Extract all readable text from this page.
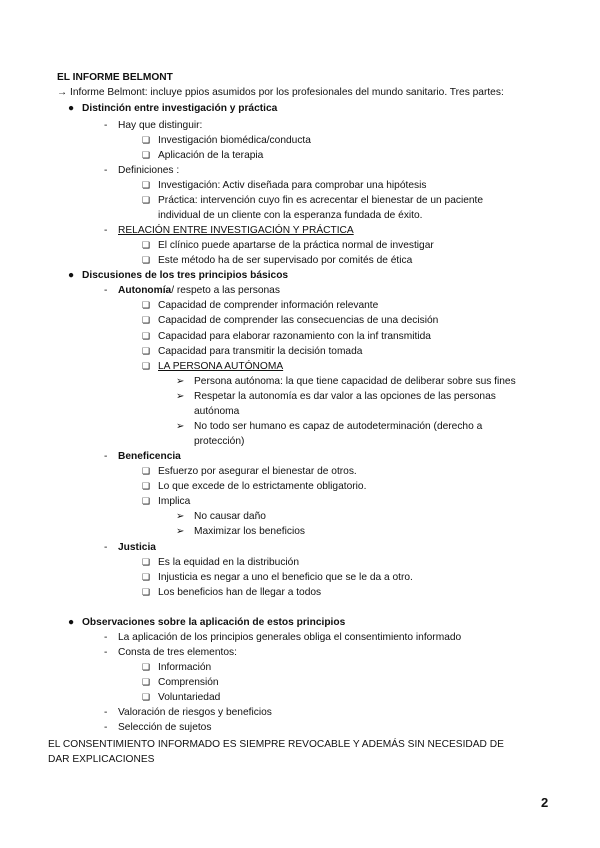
EL INFORME BELMONT
→ Informe Belmont: incluye ppios asumidos por los profesionales del mundo sanitario. Tres partes:
● Distinción entre investigación y práctica
- Hay que distinguir:
❏ Investigación biomédica/conducta
❏ Aplicación de la terapia
- Definiciones :
❏ Investigación: Activ diseñada para comprobar una hipótesis
❏ Práctica: intervención cuyo fin es acrecentar el bienestar de un paciente
individual de un cliente con la esperanza fundada de éxito.
- RELACIÓN ENTRE INVESTIGACIÓN Y PRÁCTICA
❏ El clínico puede apartarse de la práctica normal de investigar
❏ Este método ha de ser supervisado por comités de ética
● Discusiones de los tres principios básicos
- Autonomía/ respeto a las personas
❏ Capacidad de comprender información relevante
❏ Capacidad de comprender las consecuencias de una decisión
❏ Capacidad para elaborar razonamiento con la inf transmitida
❏ Capacidad para transmitir la decisión tomada
❏ LA PERSONA AUTÓNOMA
➢ Persona autónoma: la que tiene capacidad de deliberar sobre sus fines
➢ Respetar la autonomía es dar valor a las opciones de las personas
autónoma
➢ No todo ser humano es capaz de autodeterminación (derecho a
protección)
- Beneficencia
❏ Esfuerzo por asegurar el bienestar de otros.
❏ Lo que excede de lo estrictamente obligatorio.
❏ Implica
➢ No causar daño
➢ Maximizar los beneficios
- Justicia
❏ Es la equidad en la distribución
❏ Injusticia es negar a uno el beneficio que se le da a otro.
❏ Los beneficios han de llegar a todos
● Observaciones sobre la aplicación de estos principios
- La aplicación de los principios generales obliga el consentimiento informado
- Consta de tres elementos:
❏ Información
❏ Comprensión
❏ Voluntariedad
- Valoración de riesgos y beneficios
- Selección de sujetos
EL CONSENTIMIENTO INFORMADO ES SIEMPRE REVOCABLE Y ADEMÁS SIN NECESIDAD DE
DAR EXPLICACIONES
2
